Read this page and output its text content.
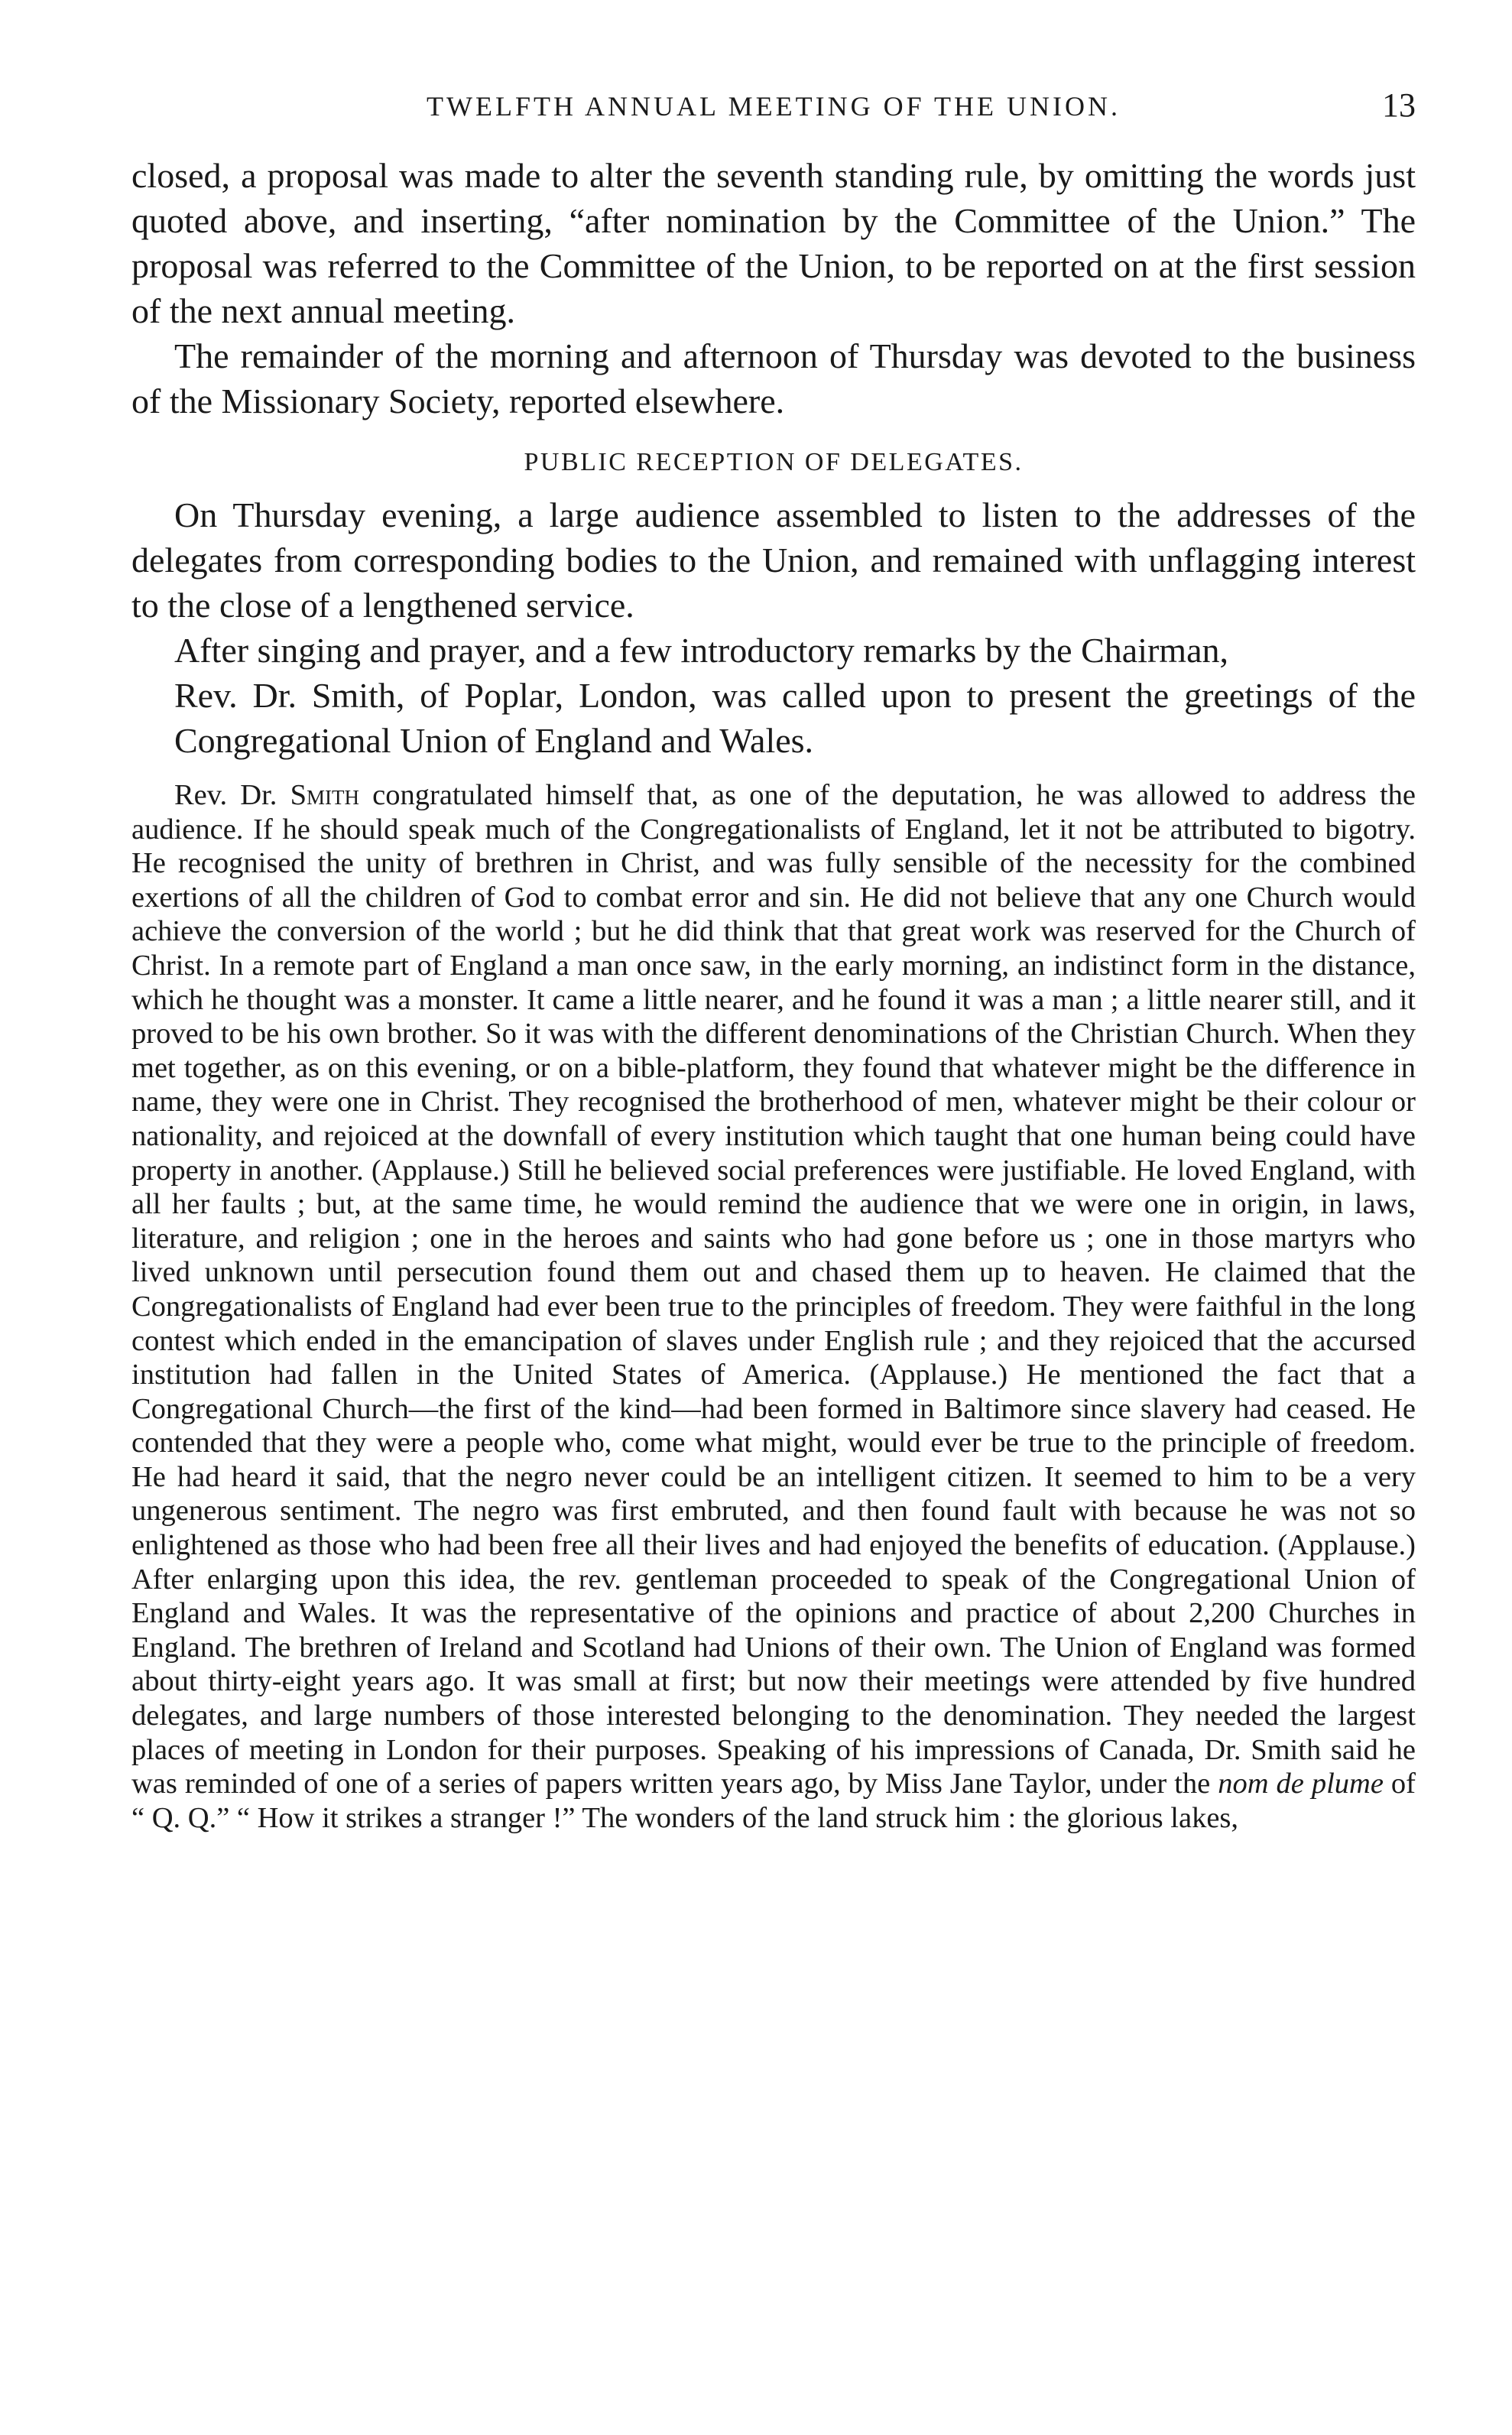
TWELFTH ANNUAL MEETING OF THE UNION.	13

closed, a proposal was made to alter the seventh standing rule, by omitting the words just quoted above, and inserting, “after nomination by the Committee of the Union.” The proposal was referred to the Committee of the Union, to be reported on at the first session of the next annual meeting.

The remainder of the morning and afternoon of Thursday was devoted to the business of the Missionary Society, reported elsewhere.

PUBLIC RECEPTION OF DELEGATES.

On Thursday evening, a large audience assembled to listen to the addresses of the delegates from corresponding bodies to the Union, and remained with unflagging interest to the close of a lengthened service.

After singing and prayer, and a few introductory remarks by the Chairman,

Rev. Dr. Smith, of Poplar, London, was called upon to present the greetings of the Congregational Union of England and Wales.

Rev. Dr. Smith congratulated himself that, as one of the deputation, he was allowed to address the audience. If he should speak much of the Congregationalists of England, let it not be attributed to bigotry. He recognised the unity of brethren in Christ, and was fully sensible of the necessity for the combined exertions of all the children of God to combat error and sin. He did not believe that any one Church would achieve the conversion of the world ; but he did think that that great work was reserved for the Church of Christ. In a remote part of England a man once saw, in the early morning, an indistinct form in the distance, which he thought was a monster. It came a little nearer, and he found it was a man ; a little nearer still, and it proved to be his own brother. So it was with the different denominations of the Christian Church. When they met together, as on this evening, or on a bible-platform, they found that whatever might be the difference in name, they were one in Christ. They recognised the brotherhood of men, whatever might be their colour or nationality, and rejoiced at the downfall of every institution which taught that one human being could have property in another. (Applause.) Still he believed social preferences were justifiable. He loved England, with all her faults ; but, at the same time, he would remind the audience that we were one in origin, in laws, literature, and religion ; one in the heroes and saints who had gone before us ; one in those martyrs who lived unknown until persecution found them out and chased them up to heaven. He claimed that the Congregationalists of England had ever been true to the principles of freedom. They were faithful in the long contest which ended in the emancipation of slaves under English rule ; and they rejoiced that the accursed institution had fallen in the United States of America. (Applause.) He mentioned the fact that a Congregational Church—the first of the kind—had been formed in Baltimore since slavery had ceased. He contended that they were a people who, come what might, would ever be true to the principle of freedom. He had heard it said, that the negro never could be an intelligent citizen. It seemed to him to be a very ungenerous sentiment. The negro was first embruted, and then found fault with because he was not so enlightened as those who had been free all their lives and had enjoyed the benefits of education. (Applause.) After enlarging upon this idea, the rev. gentleman proceeded to speak of the Congregational Union of England and Wales. It was the representative of the opinions and practice of about 2,200 Churches in England. The brethren of Ireland and Scotland had Unions of their own. The Union of England was formed about thirty-eight years ago. It was small at first; but now their meetings were attended by five hundred delegates, and large numbers of those interested belonging to the denomination. They needed the largest places of meeting in London for their purposes. Speaking of his impressions of Canada, Dr. Smith said he was reminded of one of a series of papers written years ago, by Miss Jane Taylor, under the nom de plume of “ Q. Q.” “ How it strikes a stranger !” The wonders of the land struck him : the glorious lakes,
